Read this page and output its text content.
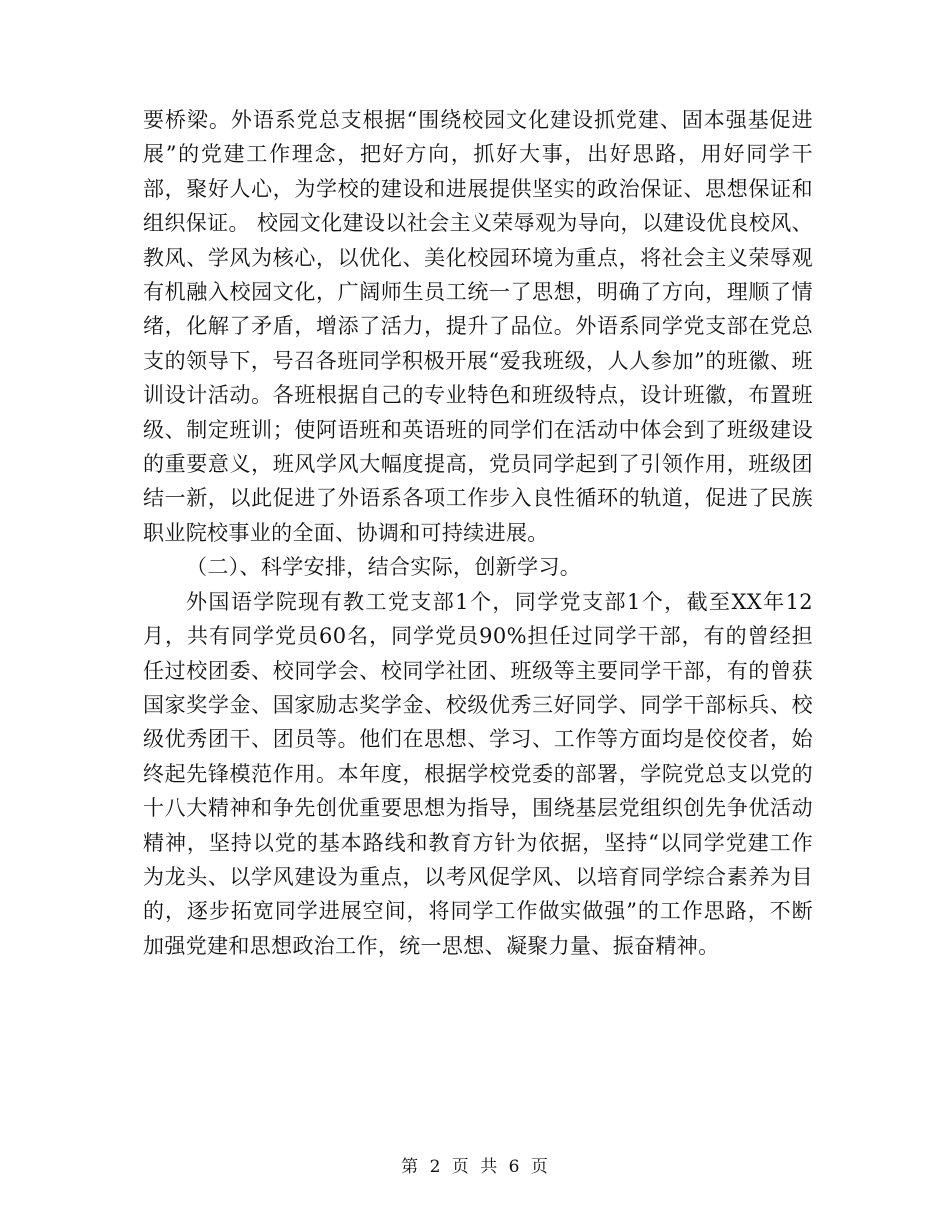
要桥梁。外语系党总支根据“围绕校园文化建设抓党建、固本强基促进展”的党建工作理念，把好方向，抓好大事，出好思路，用好同学干部，聚好人心，为学校的建设和进展提供坚实的政治保证、思想保证和组织保证。 校园文化建设以社会主义荣辱观为导向，以建设优良校风、教风、学风为核心，以优化、美化校园环境为重点，将社会主义荣辱观有机融入校园文化，广阔师生员工统一了思想，明确了方向，理顺了情绪，化解了矛盾，增添了活力，提升了品位。外语系同学党支部在党总支的领导下，号召各班同学积极开展“爱我班级，人人参加”的班徽、班训设计活动。各班根据自己的专业特色和班级特点，设计班徽，布置班级、制定班训；使阿语班和英语班的同学们在活动中体会到了班级建设的重要意义，班风学风大幅度提高，党员同学起到了引领作用，班级团结一新，以此促进了外语系各项工作步入良性循环的轨道，促进了民族职业院校事业的全面、协调和可持续进展。

（二）、科学安排，结合实际，创新学习。

外国语学院现有教工党支部1个，同学党支部1个，截至XX年12月，共有同学党员60名，同学党员90%担任过同学干部，有的曾经担任过校团委、校同学会、校同学社团、班级等主要同学干部，有的曾获国家奖学金、国家励志奖学金、校级优秀三好同学、同学干部标兵、校级优秀团干、团员等。他们在思想、学习、工作等方面均是佼佼者，始终起先锋模范作用。本年度，根据学校党委的部署，学院党总支以党的十八大精神和争先创优重要思想为指导，围绕基层党组织创先争优活动精神，坚持以党的基本路线和教育方针为依据，坚持“以同学党建工作为龙头、以学风建设为重点，以考风促学风、以培育同学综合素养为目的，逐步拓宽同学进展空间，将同学工作做实做强”的工作思路，不断加强党建和思想政治工作，统一思想、凝聚力量、振奋精神。

第 2 页 共 6 页
